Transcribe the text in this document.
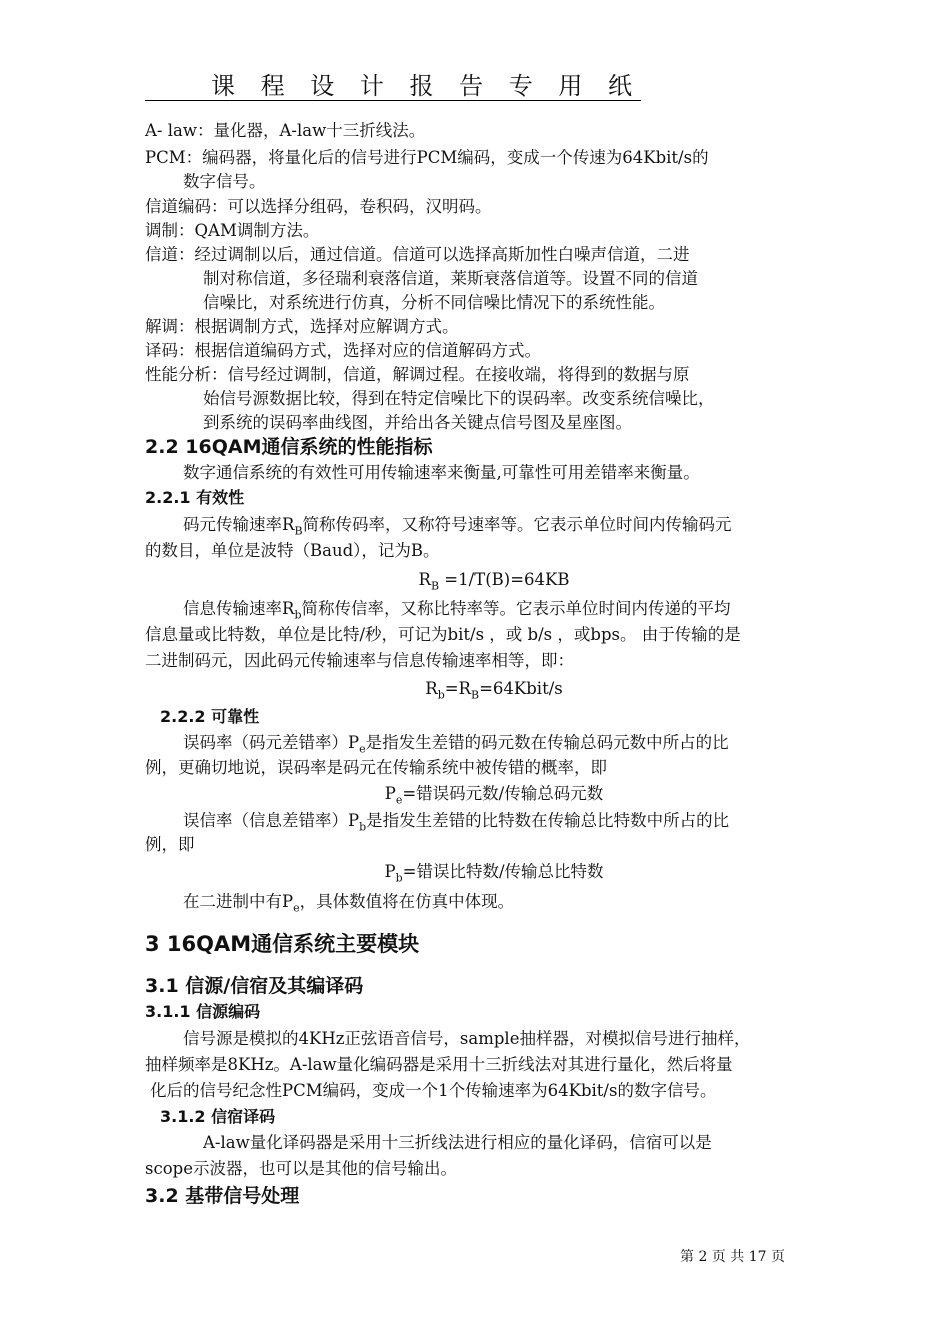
课 程 设 计 报 告 专 用 纸
A- law：量化器，A-law十三折线法。
PCM：编码器，将量化后的信号进行PCM编码，变成一个传速为64Kbit/s的
数字信号。
信道编码：可以选择分组码，卷积码，汉明码。
调制：QAM调制方法。
信道：经过调制以后，通过信道。信道可以选择高斯加性白噪声信道，二进
制对称信道，多径瑞利衰落信道，莱斯衰落信道等。设置不同的信道
信噪比，对系统进行仿真，分析不同信噪比情况下的系统性能。
解调：根据调制方式，选择对应解调方式。
译码：根据信道编码方式，选择对应的信道解码方式。
性能分析：信号经过调制，信道，解调过程。在接收端，将得到的数据与原
始信号源数据比较，得到在特定信噪比下的误码率。改变系统信噪比，
到系统的误码率曲线图，并给出各关键点信号图及星座图。
2.2 16QAM通信系统的性能指标
数字通信系统的有效性可用传输速率来衡量,可靠性可用差错率来衡量。
2.2.1 有效性
码元传输速率$R_B$简称传码率，又称符号速率等。它表示单位时间内传输码元
的数目，单位是波特（Baud），记为B。
$R_B =1/T(B)=64KB$
信息传输速率$R_b$简称传信率，又称比特率等。它表示单位时间内传递的平均
信息量或比特数，单位是比特/秒，可记为bit/s ，或 b/s ，或bps。 由于传输的是
二进制码元，因此码元传输速率与信息传输速率相等，即：
$R_b=R_B=64Kbit/s$
2.2.2 可靠性
误码率（码元差错率）$P_e$是指发生差错的码元数在传输总码元数中所占的比
例，更确切地说，误码率是码元在传输系统中被传错的概率，即
$P_e=$错误码元数/传输总码元数
误信率（信息差错率）$P_b$是指发生差错的比特数在传输总比特数中所占的比
例，即
$P_b=$错误比特数/传输总比特数
在二进制中有$P_e$，具体数值将在仿真中体现。
3 16QAM通信系统主要模块
3.1 信源/信宿及其编译码
3.1.1 信源编码
信号源是模拟的4KHz正弦语音信号，sample抽样器，对模拟信号进行抽样，
抽样频率是8KHz。A-law量化编码器是采用十三折线法对其进行量化，然后将量
化后的信号纪念性PCM编码，变成一个1个传输速率为64Kbit/s的数字信号。
3.1.2 信宿译码
A-law量化译码器是采用十三折线法进行相应的量化译码，信宿可以是
scope示波器，也可以是其他的信号输出。
3.2 基带信号处理
第 2 页 共 17 页
